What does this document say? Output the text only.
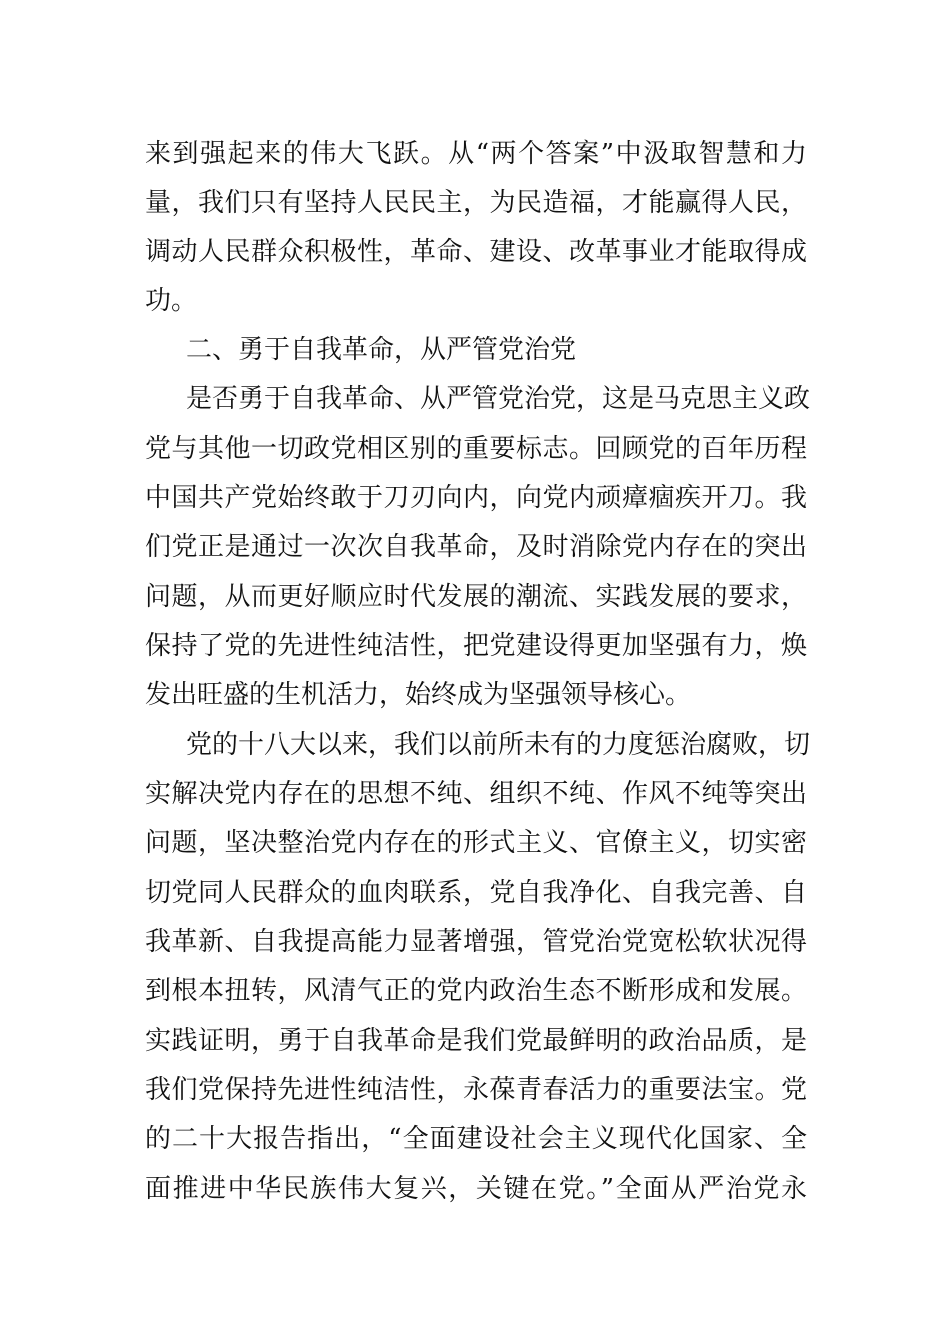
来到强起来的伟大飞跃。从“两个答案”中汲取智慧和力
量，我们只有坚持人民民主，为民造福，才能赢得人民，
调动人民群众积极性，革命、建设、改革事业才能取得成
功。
二、勇于自我革命，从严管党治党
是否勇于自我革命、从严管党治党，这是马克思主义政
党与其他一切政党相区别的重要标志。回顾党的百年历程
中国共产党始终敢于刀刃向内，向党内顽瘴痼疾开刀。我
们党正是通过一次次自我革命，及时消除党内存在的突出
问题，从而更好顺应时代发展的潮流、实践发展的要求，
保持了党的先进性纯洁性，把党建设得更加坚强有力，焕
发出旺盛的生机活力，始终成为坚强领导核心。
党的十八大以来，我们以前所未有的力度惩治腐败，切
实解决党内存在的思想不纯、组织不纯、作风不纯等突出
问题，坚决整治党内存在的形式主义、官僚主义，切实密
切党同人民群众的血肉联系，党自我净化、自我完善、自
我革新、自我提高能力显著增强，管党治党宽松软状况得
到根本扭转，风清气正的党内政治生态不断形成和发展。
实践证明，勇于自我革命是我们党最鲜明的政治品质，是
我们党保持先进性纯洁性，永葆青春活力的重要法宝。党
的二十大报告指出，“全面建设社会主义现代化国家、全
面推进中华民族伟大复兴，关键在党。”全面从严治党永
